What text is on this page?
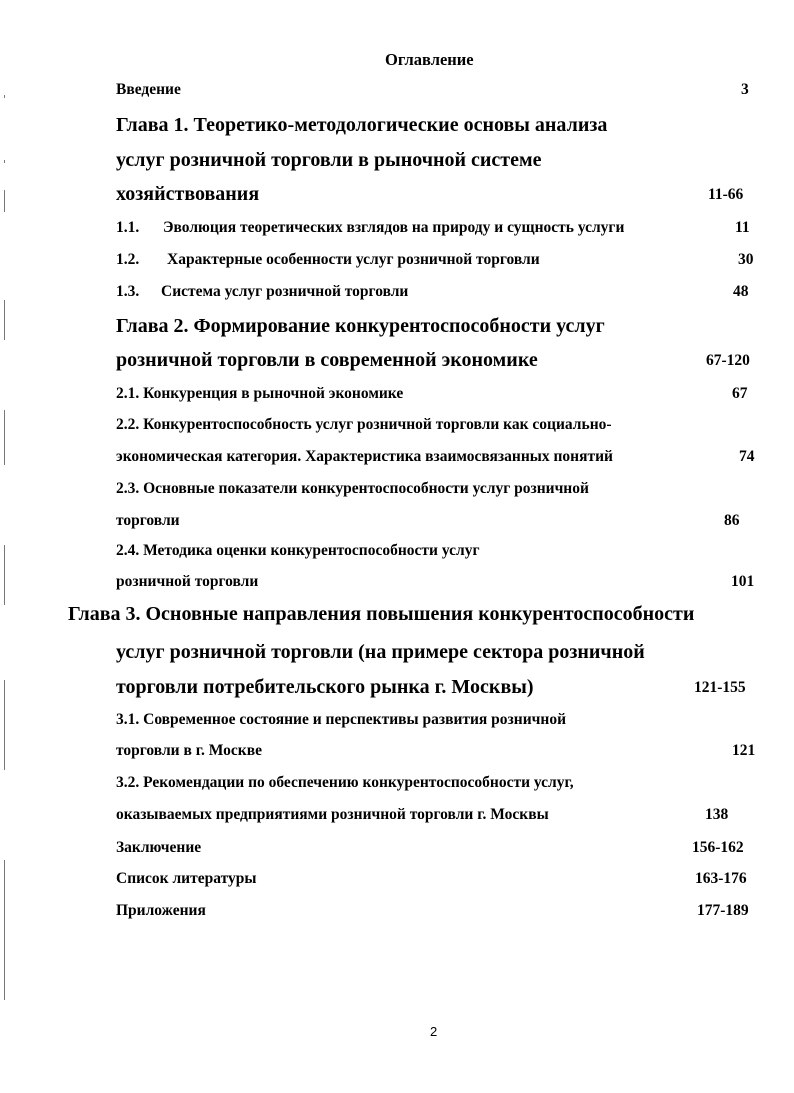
Оглавление
Введение	3
Глава 1. Теоретико-методологические основы анализа
услуг розничной торговли в рыночной системе
хозяйствования	11-66
1.1. Эволюция теоретических взглядов на природу и сущность услуги	11
1.2. Характерные особенности услуг розничной торговли	30
1.3. Система услуг розничной торговли	48
Глава 2. Формирование конкурентоспособности услуг
розничной торговли в современной экономике	67-120
2.1. Конкуренция в рыночной экономике	67
2.2. Конкурентоспособность услуг розничной торговли как социально-
экономическая категория. Характеристика взаимосвязанных понятий	74
2.3. Основные показатели конкурентоспособности услуг розничной
торговли	86
2.4. Методика оценки конкурентоспособности услуг
розничной торговли	101
Глава 3. Основные направления повышения конкурентоспособности
услуг розничной торговли (на примере сектора розничной
торговли потребительского рынка г. Москвы)	121-155
3.1. Современное состояние и перспективы развития розничной
торговли в г. Москве	121
3.2. Рекомендации по обеспечению конкурентоспособности услуг,
оказываемых предприятиями розничной торговли г. Москвы	138
Заключение	156-162
Список литературы	163-176
Приложения	177-189
2
